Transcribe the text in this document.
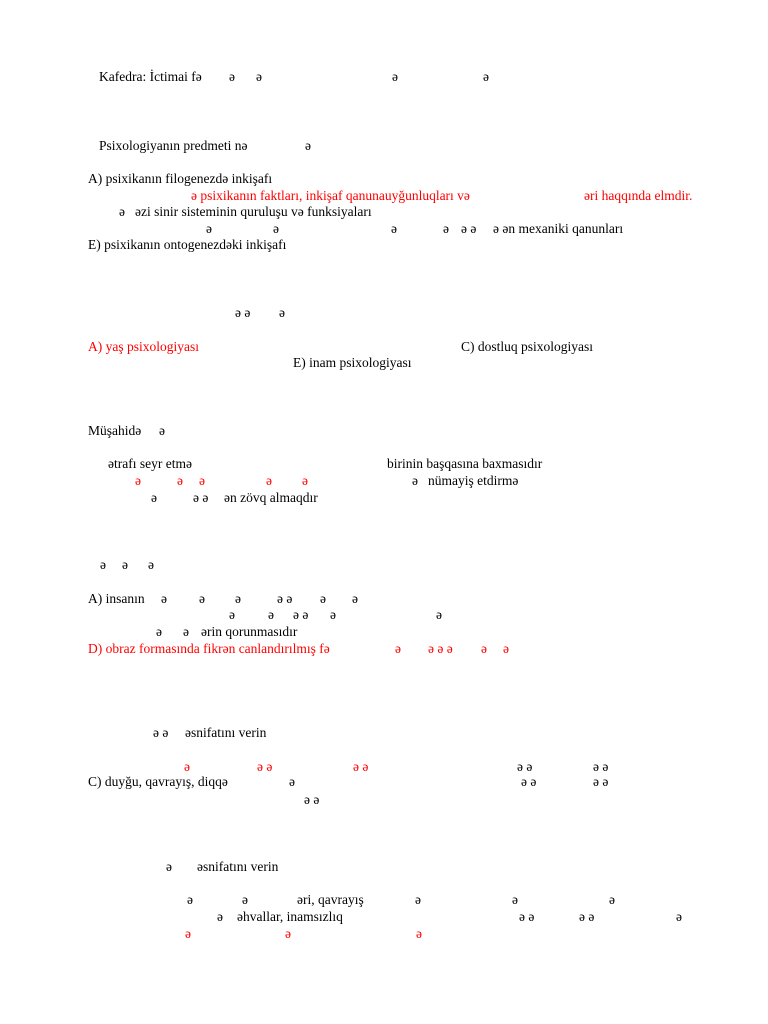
Kafedra: İctimai fə ə ə	ə	ə
Psixologiyanın predmeti nə	ə
A) psixikanın filogenezdə inkişafı
ə psixikanın faktları, inkişaf qanunauyğunluqları və	əri haqqında elmdir.
ə əzi sinir sisteminin quruluşu və funksiyaları
ə	ə	ə	ə ə ə ə ən mexaniki qanunları
E) psixikanın ontogenezdəki inkişafı
ə ə ə
A) yaş psixologiyası	C) dostluq psixologiyası
E) inam psixologiyası
Müşahidə ə
ətrafı seyr etmə	birinin başqasına baxmasıdır
ə	ə ə	ə ə	ə nümayiş etdirmə
ə	ə ə ən zövq almaqdır
ə ə ə
A) insanın ə ə ə	ə ə ə ə
ə ə ə ə ə	ə
ə ə ərin qorunmasıdır
D) obraz formasında fikrən canlandırılmış fə	ə ə ə ə ə ə
ə ə əsnifatını verin
ə	ə ə	ə ə	ə ə	ə ə
C) duyğu, qavrayış, diqqə	ə	ə ə	ə ə
ə ə
ə əsnifatını verin
ə	ə	əri, qavrayış	ə	ə	ə
ə əhvallar, inamsızlıq	ə ə	ə ə	ə
ə	ə	ə
